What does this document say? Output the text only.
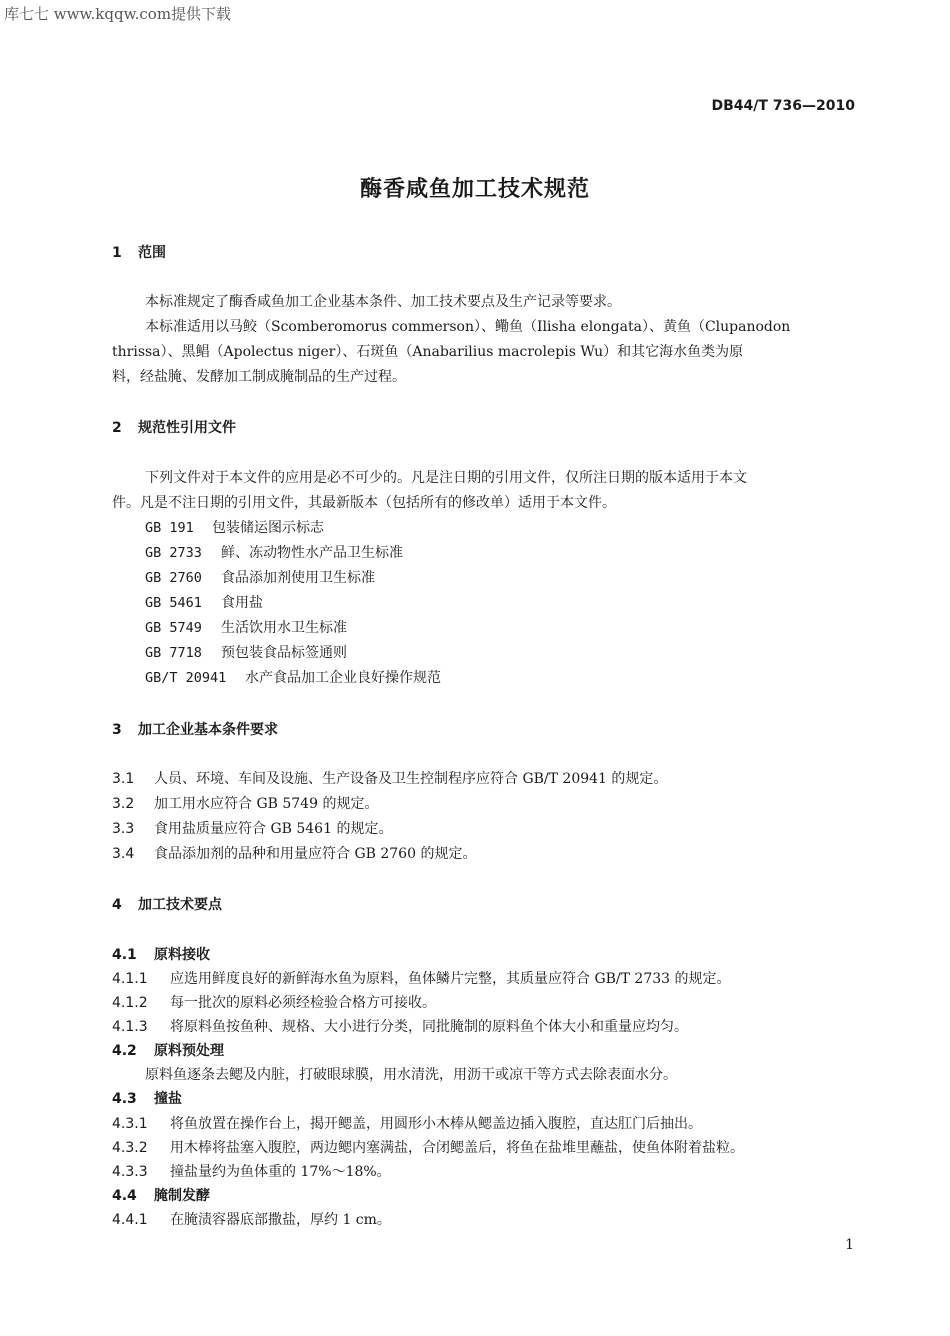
库七七 www.kqqw.com提供下载
DB44/T 736—2010
酶香咸鱼加工技术规范
1 范围
本标准规定了酶香咸鱼加工企业基本条件、加工技术要点及生产记录等要求。
本标准适用以马鲛（Scomberomorus commerson）、鳓鱼（Ilisha elongata）、黄鱼（Clupanodon
thrissa）、黑鲳（Apolectus niger）、石斑鱼（Anabarilius macrolepis Wu）和其它海水鱼类为原
料，经盐腌、发酵加工制成腌制品的生产过程。
2 规范性引用文件
下列文件对于本文件的应用是必不可少的。凡是注日期的引用文件，仅所注日期的版本适用于本文
件。凡是不注日期的引用文件，其最新版本（包括所有的修改单）适用于本文件。
GB 191 包装储运图示标志
GB 2733 鲜、冻动物性水产品卫生标准
GB 2760 食品添加剂使用卫生标准
GB 5461 食用盐
GB 5749 生活饮用水卫生标准
GB 7718 预包装食品标签通则
GB/T 20941 水产食品加工企业良好操作规范
3 加工企业基本条件要求
3.1 人员、环境、车间及设施、生产设备及卫生控制程序应符合 GB/T 20941 的规定。
3.2 加工用水应符合 GB 5749 的规定。
3.3 食用盐质量应符合 GB 5461 的规定。
3.4 食品添加剂的品种和用量应符合 GB 2760 的规定。
4 加工技术要点
4.1 原料接收
4.1.1 应选用鲜度良好的新鲜海水鱼为原料，鱼体鳞片完整，其质量应符合 GB/T 2733 的规定。
4.1.2 每一批次的原料必须经检验合格方可接收。
4.1.3 将原料鱼按鱼种、规格、大小进行分类，同批腌制的原料鱼个体大小和重量应均匀。
4.2 原料预处理
原料鱼逐条去鳃及内脏，打破眼球膜，用水清洗，用沥干或凉干等方式去除表面水分。
4.3 撞盐
4.3.1 将鱼放置在操作台上，揭开鳃盖，用圆形小木棒从鳃盖边插入腹腔，直达肛门后抽出。
4.3.2 用木棒将盐塞入腹腔，两边鳃内塞满盐，合闭鳃盖后，将鱼在盐堆里蘸盐，使鱼体附着盐粒。
4.3.3 撞盐量约为鱼体重的 17%～18%。
4.4 腌制发酵
4.4.1 在腌渍容器底部撒盐，厚约 1 cm。
1
